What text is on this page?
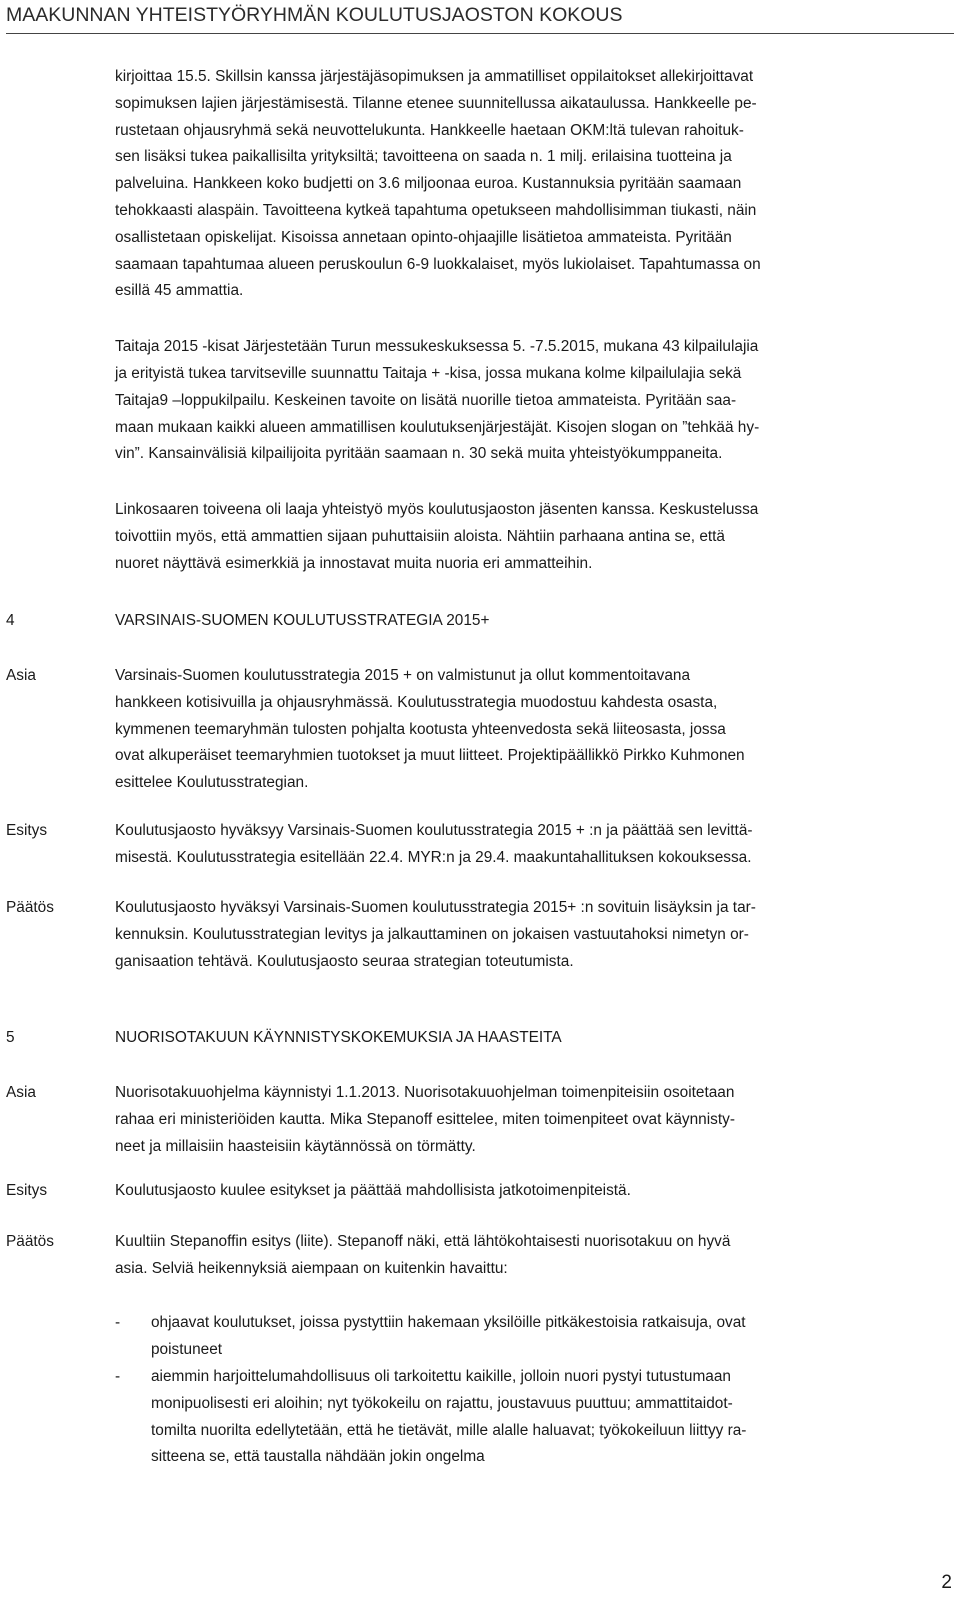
MAAKUNNAN YHTEISTYÖRYHMÄN KOULUTUSJAOSTON KOKOUS
kirjoittaa 15.5. Skillsin kanssa järjestäjäsopimuksen ja ammatilliset oppilaitokset allekirjoittavat
sopimuksen lajien järjestämisestä. Tilanne etenee suunnitellussa aikataulussa. Hankkeelle pe-
rustetaan ohjausryhmä sekä neuvottelukunta. Hankkeelle haetaan OKM:ltä tulevan rahoituk-
sen lisäksi tukea paikallisilta yrityksiltä; tavoitteena on saada n. 1 milj. erilaisina tuotteina ja
palveluina. Hankkeen koko budjetti on 3.6 miljoonaa euroa. Kustannuksia pyritään saamaan
tehokkaasti alaspäin. Tavoitteena kytkeä tapahtuma opetukseen mahdollisimman tiukasti, näin
osallistetaan opiskelijat. Kisoissa annetaan opinto-ohjaajille lisätietoa ammateista. Pyritään
saamaan tapahtumaa alueen peruskoulun 6-9 luokkalaiset, myös lukiolaiset. Tapahtumassa on
esillä 45 ammattia.
Taitaja 2015 -kisat Järjestetään Turun messukeskuksessa 5. -7.5.2015, mukana 43 kilpailulajia
ja erityistä tukea tarvitseville suunnattu Taitaja + -kisa, jossa mukana kolme kilpailulajia sekä
Taitaja9 –loppukilpailu. Keskeinen tavoite on lisätä nuorille tietoa ammateista. Pyritään saa-
maan mukaan kaikki alueen ammatillisen koulutuksenjärjestäjät. Kisojen slogan on ”tehkää hy-
vin”. Kansainvälisiä kilpailijoita pyritään saamaan n. 30 sekä muita yhteistyökumppaneita.
Linkosaaren toiveena oli laaja yhteistyö myös koulutusjaoston jäsenten kanssa. Keskustelussa
toivottiin myös, että ammattien sijaan puhuttaisiin aloista. Nähtiin parhaana antina se, että
nuoret näyttävä esimerkkiä ja innostavat muita nuoria eri ammatteihin.
4	VARSINAIS-SUOMEN KOULUTUSSTRATEGIA 2015+
Asia	Varsinais-Suomen koulutusstrategia 2015 + on valmistunut ja ollut kommentoitavana
hankkeen kotisivuilla ja ohjausryhmässä. Koulutusstrategia muodostuu kahdesta osasta,
kymmenen teemaryhmän tulosten pohjalta kootusta yhteenvedosta sekä liiteosasta, jossa
ovat alkuperäiset teemaryhmien tuotokset ja muut liitteet. Projektipäällikkö Pirkko Kuhmonen
esittelee Koulutusstrategian.
Esitys	Koulutusjaosto hyväksyy Varsinais-Suomen koulutusstrategia 2015 + :n ja päättää sen levittä-
misestä. Koulutusstrategia esitellään 22.4. MYR:n ja 29.4. maakuntahallituksen kokouksessa.
Päätös	Koulutusjaosto hyväksyi Varsinais-Suomen koulutusstrategia 2015+ :n sovituin lisäyksin ja tar-
kennuksin. Koulutusstrategian levitys ja jalkauttaminen on jokaisen vastuutahoksi nimetyn or-
ganisaation tehtävä. Koulutusjaosto seuraa strategian toteutumista.
5	NUORISOTAKUUN KÄYNNISTYSKOKEMUKSIA JA HAASTEITA
Asia	Nuorisotakuuohjelma käynnistyi 1.1.2013. Nuorisotakuuohjelman toimenpiteisiin osoitetaan
rahaa eri ministeriöiden kautta. Mika Stepanoff esittelee, miten toimenpiteet ovat käynnisty-
neet ja millaisiin haasteisiin käytännössä on törmätty.
Esitys	Koulutusjaosto kuulee esitykset ja päättää mahdollisista jatkotoimenpiteistä.
Päätös	Kuultiin Stepanoffin esitys (liite). Stepanoff näki, että lähtökohtaisesti nuorisotakuu on hyvä
asia. Selviä heikennyksiä aiempaan on kuitenkin havaittu:
- ohjaavat koulutukset, joissa pystyttiin hakemaan yksilöille pitkäkestoisia ratkaisuja, ovat
poistuneet
- aiemmin harjoittelumahdollisuus oli tarkoitettu kaikille, jolloin nuori pystyi tutustumaan
monipuolisesti eri aloihin; nyt työkokeilu on rajattu, joustavuus puuttuu; ammattitaidot-
tomilta nuorilta edellytetään, että he tietävät, mille alalle haluavat; työkokeiluun liittyy ra-
sitteena se, että taustalla nähdään jokin ongelma
2
